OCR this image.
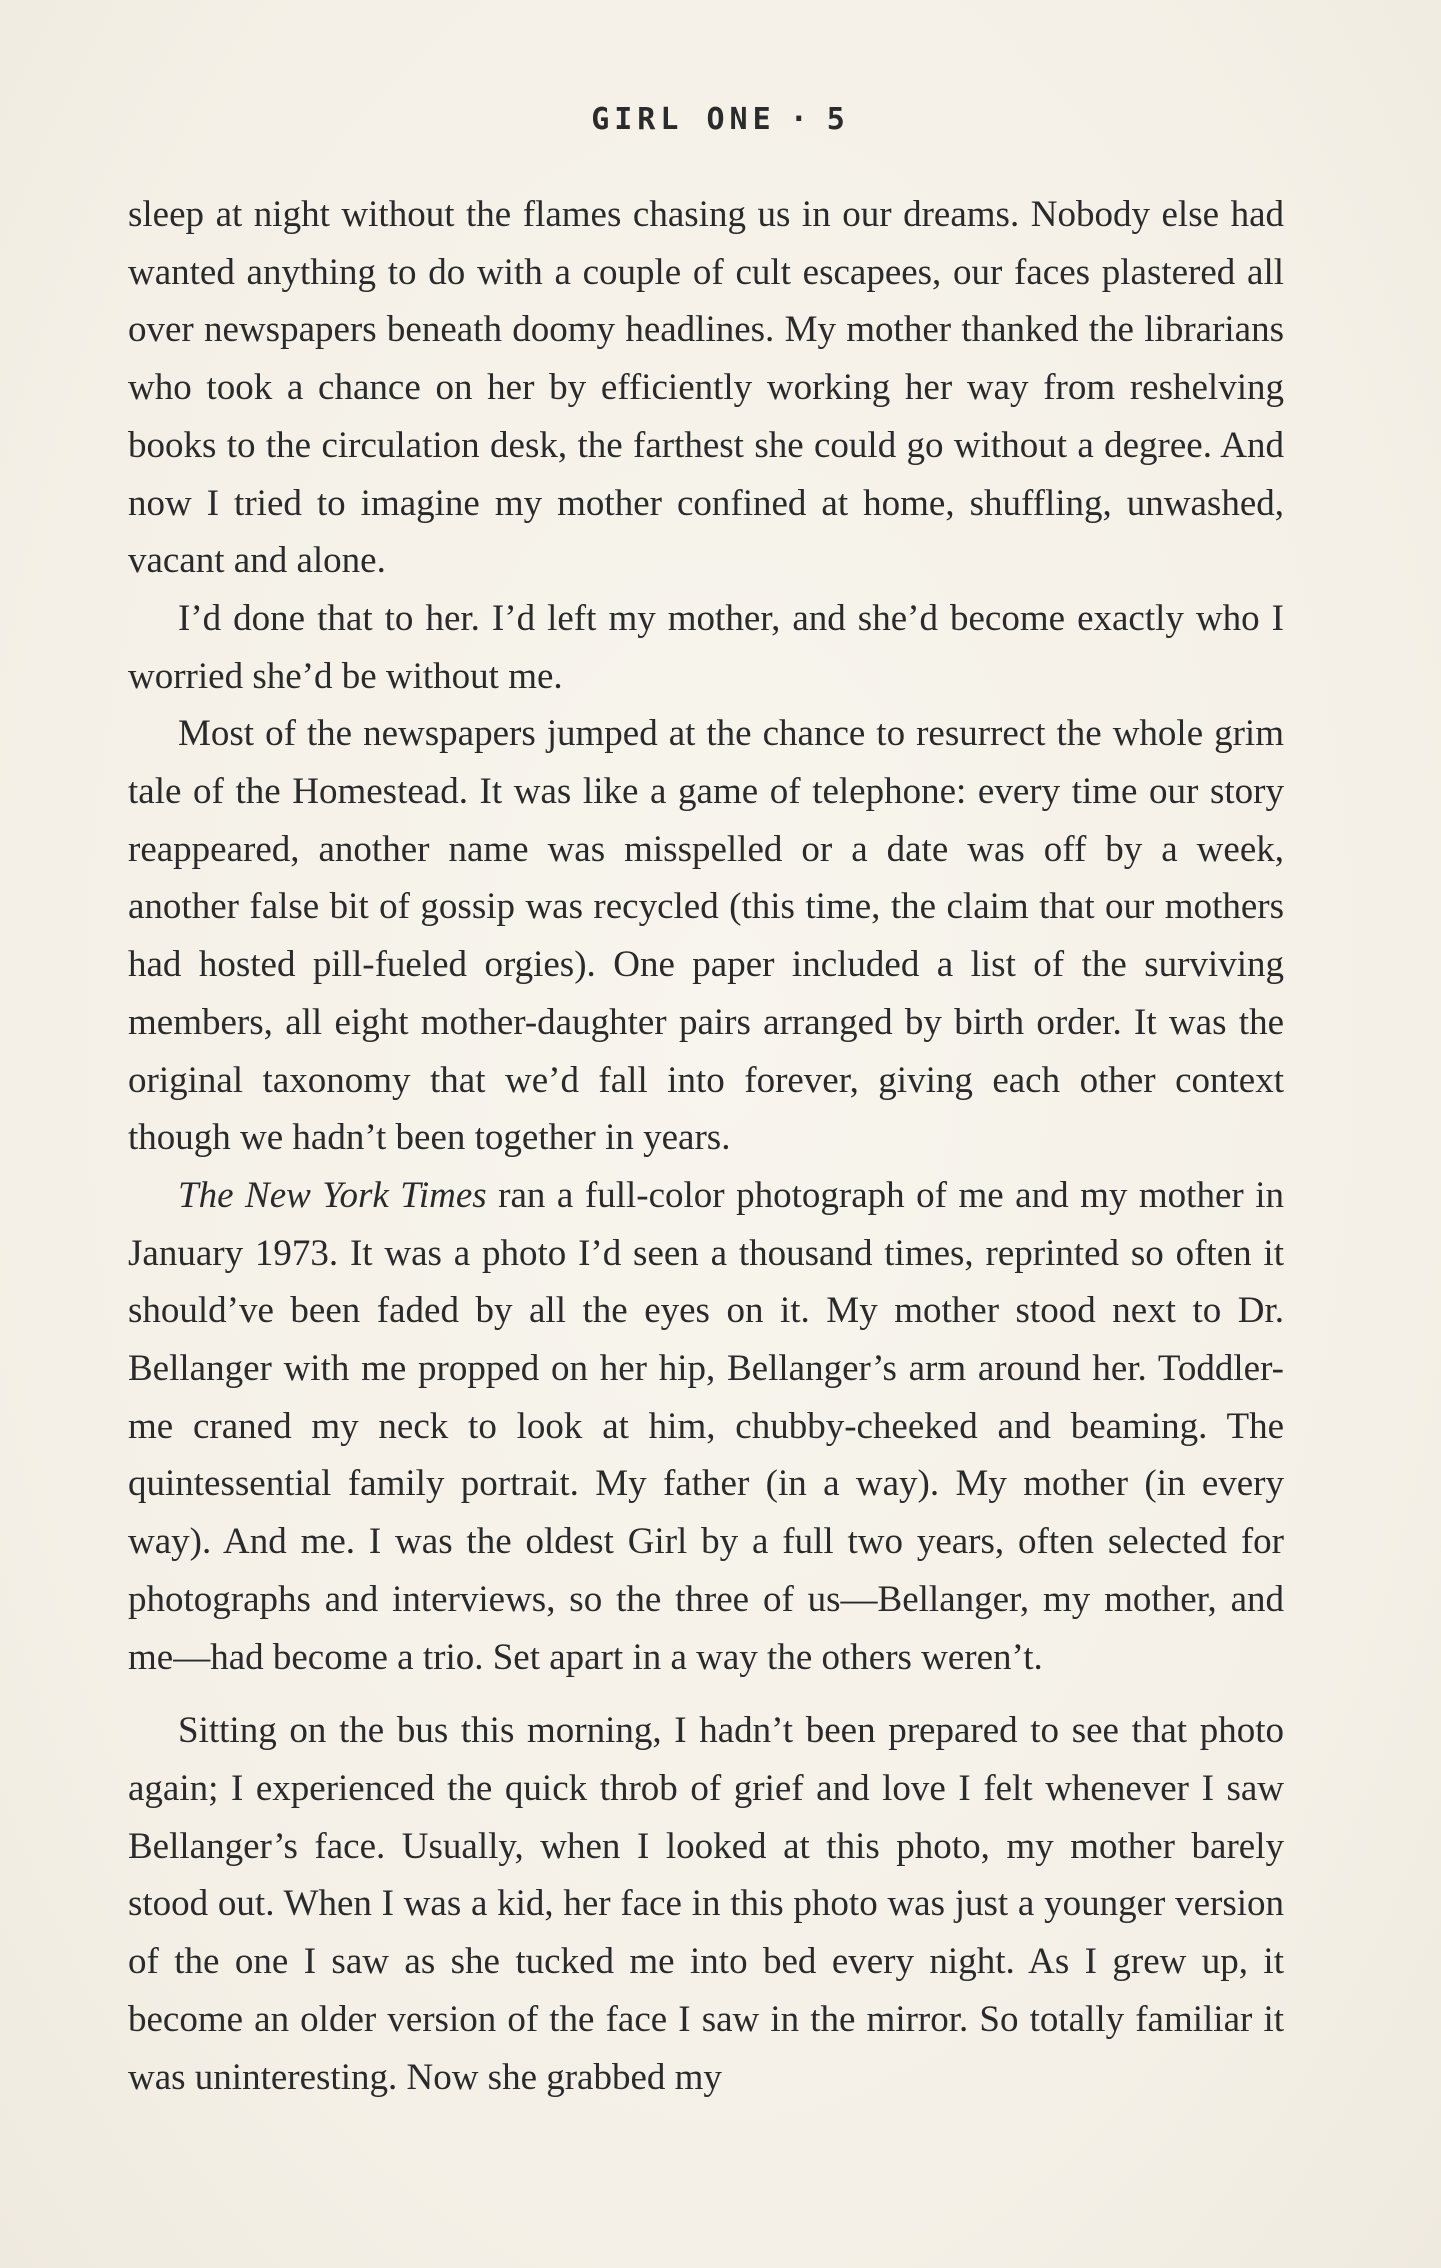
GIRL ONE · 5

sleep at night without the flames chasing us in our dreams. Nobody else had wanted anything to do with a couple of cult escapees, our faces plastered all over newspapers beneath doomy headlines. My mother thanked the librarians who took a chance on her by efficiently working her way from reshelving books to the circulation desk, the farthest she could go without a degree. And now I tried to imagine my mother confined at home, shuffling, unwashed, vacant and alone.

I’d done that to her. I’d left my mother, and she’d become exactly who I worried she’d be without me.

Most of the newspapers jumped at the chance to resurrect the whole grim tale of the Homestead. It was like a game of telephone: every time our story reappeared, another name was misspelled or a date was off by a week, another false bit of gossip was recycled (this time, the claim that our mothers had hosted pill-fueled orgies). One paper included a list of the surviving members, all eight mother-daughter pairs arranged by birth order. It was the original taxonomy that we’d fall into forever, giving each other context though we hadn’t been together in years.

The New York Times ran a full-color photograph of me and my mother in January 1973. It was a photo I’d seen a thousand times, reprinted so often it should’ve been faded by all the eyes on it. My mother stood next to Dr. Bellanger with me propped on her hip, Bellanger’s arm around her. Toddler-me craned my neck to look at him, chubby-cheeked and beaming. The quintessential family portrait. My father (in a way). My mother (in every way). And me. I was the oldest Girl by a full two years, often selected for photographs and interviews, so the three of us—Bellanger, my mother, and me—had become a trio. Set apart in a way the others weren’t.

Sitting on the bus this morning, I hadn’t been prepared to see that photo again; I experienced the quick throb of grief and love I felt whenever I saw Bellanger’s face. Usually, when I looked at this photo, my mother barely stood out. When I was a kid, her face in this photo was just a younger version of the one I saw as she tucked me into bed every night. As I grew up, it become an older version of the face I saw in the mirror. So totally familiar it was uninteresting. Now she grabbed my
